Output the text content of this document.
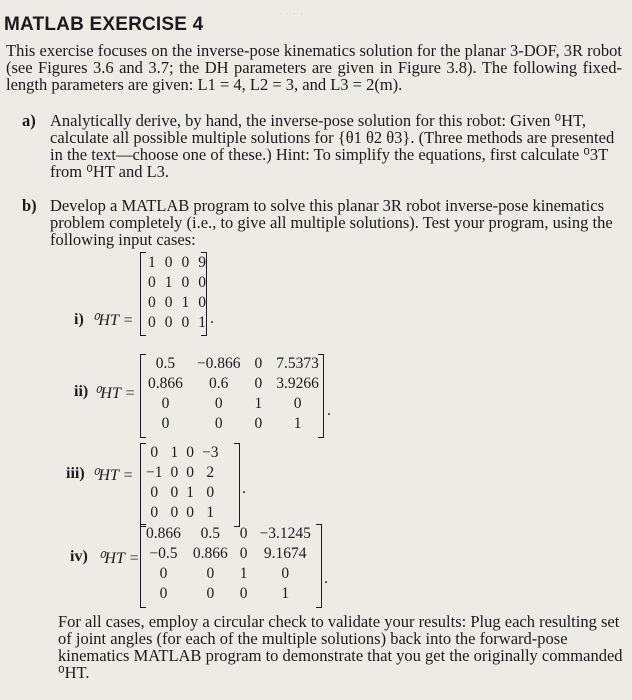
· · ·
MATLAB EXERCISE 4
This exercise focuses on the inverse-pose kinematics solution for the planar 3-DOF, 3R robot (see Figures 3.6 and 3.7; the DH parameters are given in Figure 3.8). The following fixed-length parameters are given: L1 = 4, L2 = 3, and L3 = 2(m).
a) Analytically derive, by hand, the inverse-pose solution for this robot: Given ⁰HT, calculate all possible multiple solutions for {θ1 θ2 θ3}. (Three methods are presented in the text—choose one of these.) Hint: To simplify the equations, first calculate ⁰3T from ⁰HT and L3.
b) Develop a MATLAB program to solve this planar 3R robot inverse-pose kinematics problem completely (i.e., to give all multiple solutions). Test your program, using the following input cases:
i) ⁰HT =
1 0 0 9
0 1 0 0
0 0 1 0
0 0 0 1 .
ii) ⁰HT =
0.5	−0.866 0 7.5373
0.866	0.6	0 3.9266
0	0	1	0
0	0	0	1
.
iii) ⁰HT =
0 1 0 −3
−1 0 0 2
0 0 1 0
0 0 0 1
.
iv) ⁰HT =
0.866	0.5	0 −3.1245
−0.5 0.866 0 9.1674
0	0	1	0
0	0	0	1
.
For all cases, employ a circular check to validate your results: Plug each resulting set of joint angles (for each of the multiple solutions) back into the forward-pose kinematics MATLAB program to demonstrate that you get the originally commanded ⁰HT.
